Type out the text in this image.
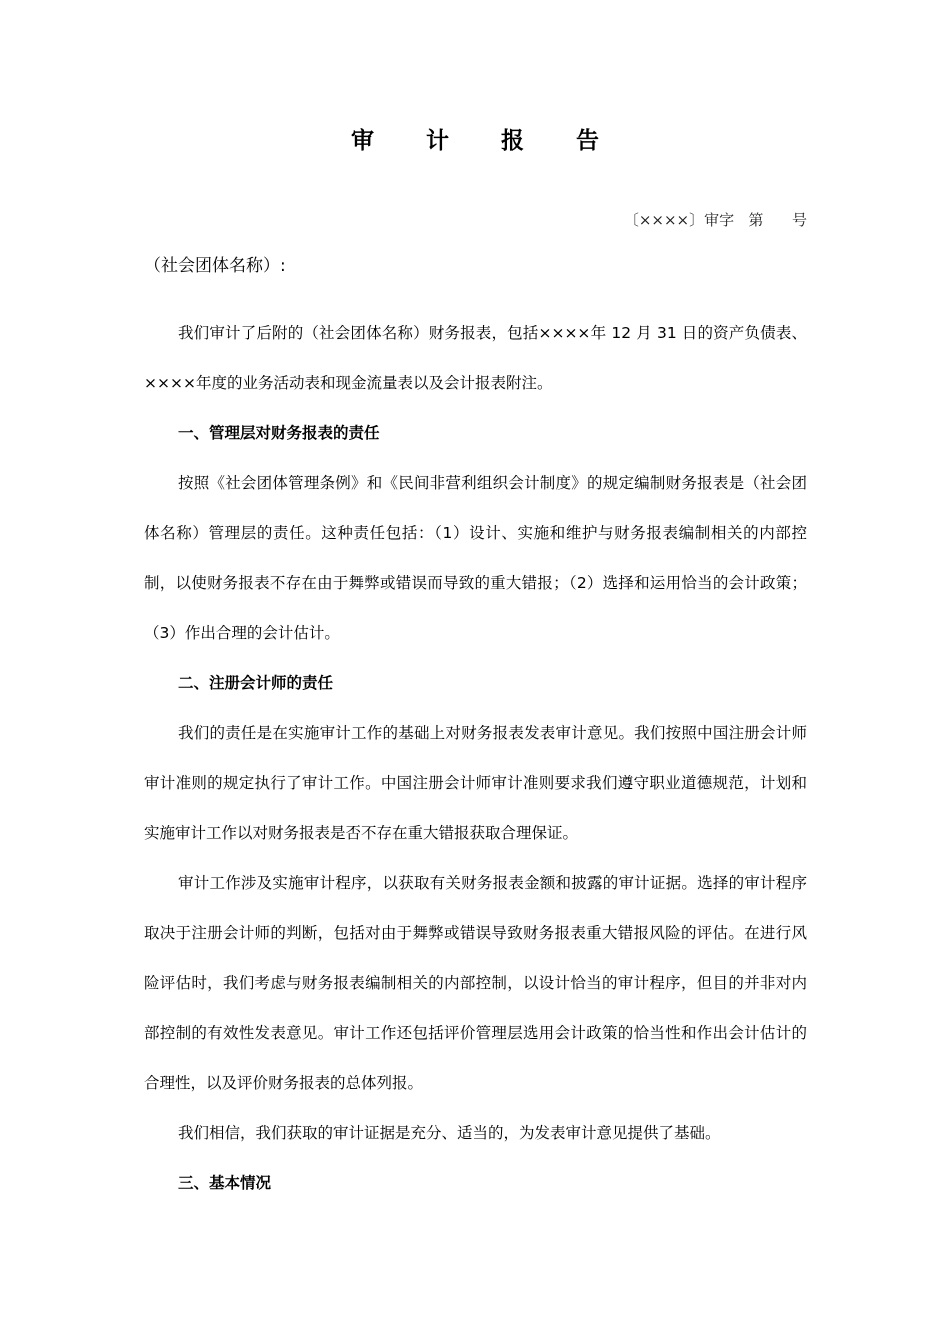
审 计 报 告
〔××××〕审字   第      号
（社会团体名称）:

我们审计了后附的（社会团体名称）财务报表，包括××××年 12 月 31 日的资产负债表、××××年度的业务活动表和现金流量表以及会计报表附注。

一、管理层对财务报表的责任

按照《社会团体管理条例》和《民间非营利组织会计制度》的规定编制财务报表是（社会团体名称）管理层的责任。这种责任包括：（1）设计、实施和维护与财务报表编制相关的内部控制，以使财务报表不存在由于舞弊或错误而导致的重大错报；（2）选择和运用恰当的会计政策；（3）作出合理的会计估计。

二、注册会计师的责任

我们的责任是在实施审计工作的基础上对财务报表发表审计意见。我们按照中国注册会计师审计准则的规定执行了审计工作。中国注册会计师审计准则要求我们遵守职业道德规范，计划和实施审计工作以对财务报表是否不存在重大错报获取合理保证。

审计工作涉及实施审计程序，以获取有关财务报表金额和披露的审计证据。选择的审计程序取决于注册会计师的判断，包括对由于舞弊或错误导致财务报表重大错报风险的评估。在进行风险评估时，我们考虑与财务报表编制相关的内部控制，以设计恰当的审计程序，但目的并非对内部控制的有效性发表意见。审计工作还包括评价管理层选用会计政策的恰当性和作出会计估计的合理性，以及评价财务报表的总体列报。

我们相信，我们获取的审计证据是充分、适当的，为发表审计意见提供了基础。

三、基本情况
